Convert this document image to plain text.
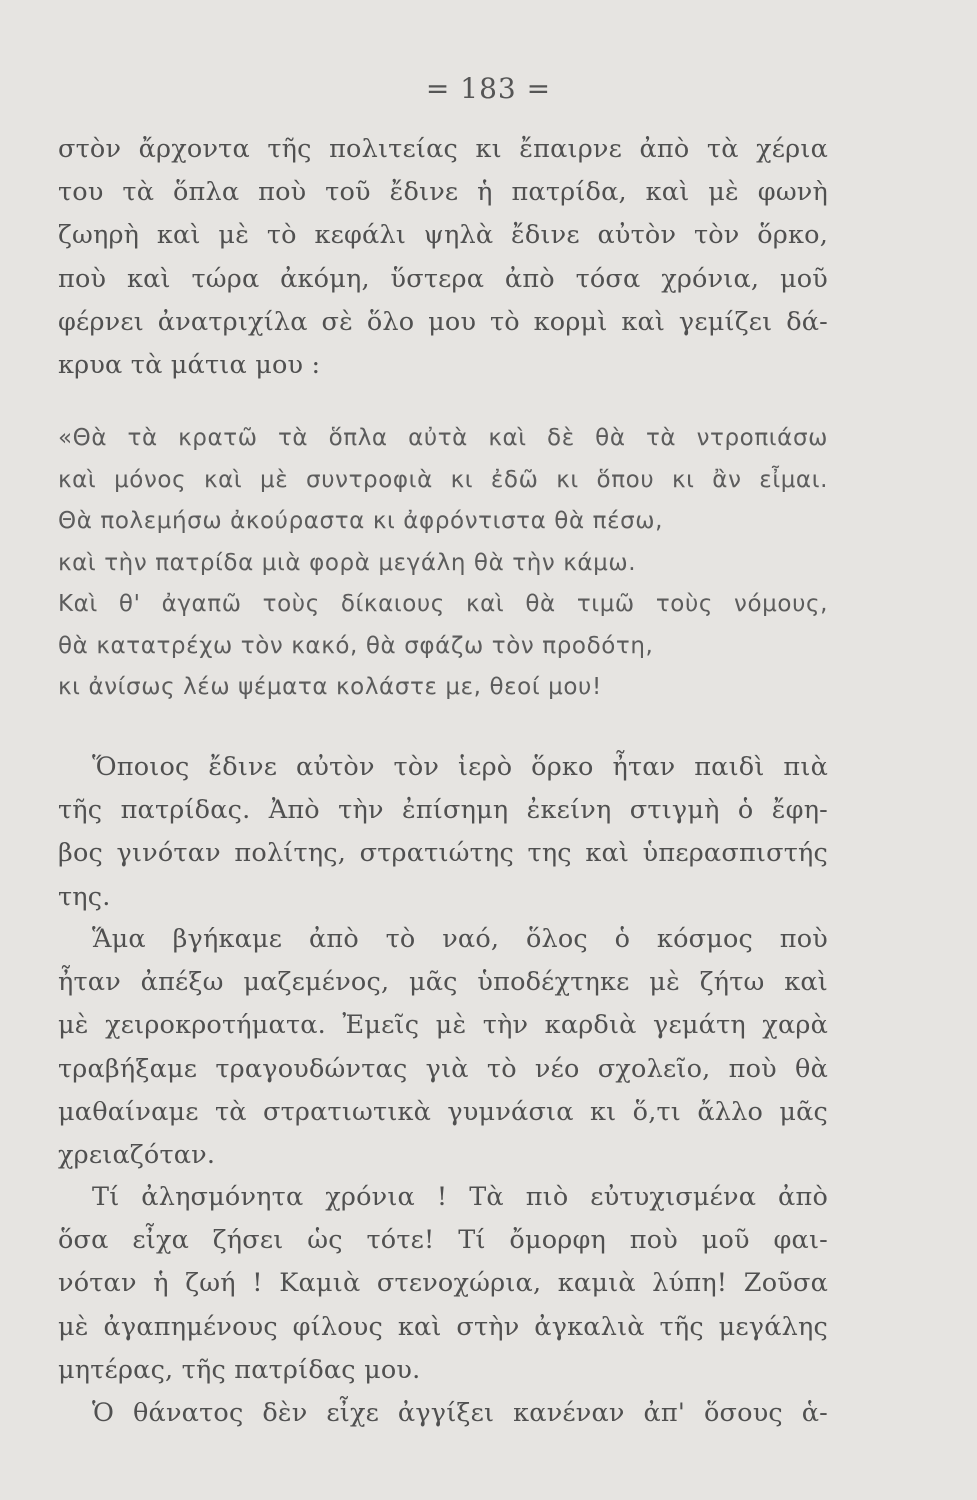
= 183 =
στὸν ἄρχοντα τῆς πολιτείας κι ἔπαιρνε ἀπὸ τὰ χέρια
του τὰ ὅπλα ποὺ τοῦ ἔδινε ἡ πατρίδα, καὶ μὲ φωνὴ
ζωηρὴ καὶ μὲ τὸ κεφάλι ψηλὰ ἔδινε αὐτὸν τὸν ὅρκο,
ποὺ καὶ τώρα ἀκόμη, ὕστερα ἀπὸ τόσα χρόνια, μοῦ
φέρνει ἀνατριχίλα σὲ ὅλο μου τὸ κορμὶ καὶ γεμίζει δά-
κρυα τὰ μάτια μου :
«Θὰ τὰ κρατῶ τὰ ὅπλα αὐτὰ καὶ δὲ θὰ τὰ ντροπιάσω
καὶ μόνος καὶ μὲ συντροφιὰ κι ἐδῶ κι ὅπου κι ἂν εἶμαι.
Θὰ πολεμήσω ἀκούραστα κι ἀφρόντιστα θὰ πέσω,
καὶ τὴν πατρίδα μιὰ φορὰ μεγάλη θὰ τὴν κάμω.
Καὶ θ' ἀγαπῶ τοὺς δίκαιους καὶ θὰ τιμῶ τοὺς νόμους,
θὰ κατατρέχω τὸν κακό, θὰ σφάζω τὸν προδότη,
κι ἀνίσως λέω ψέματα κολάστε με, θεοί μου!
Ὅποιος ἔδινε αὐτὸν τὸν ἱερὸ ὅρκο ἦταν παιδὶ πιὰ
τῆς πατρίδας. Ἀπὸ τὴν ἐπίσημη ἐκείνη στιγμὴ ὁ ἔφη-
βος γινόταν πολίτης, στρατιώτης της καὶ ὑπερασπιστής
της.
Ἅμα βγήκαμε ἀπὸ τὸ ναό, ὅλος ὁ κόσμος ποὺ
ἦταν ἀπέξω μαζεμένος, μᾶς ὑποδέχτηκε μὲ ζήτω καὶ
μὲ χειροκροτήματα. Ἐμεῖς μὲ τὴν καρδιὰ γεμάτη χαρὰ
τραβήξαμε τραγουδώντας γιὰ τὸ νέο σχολεῖο, ποὺ θὰ
μαθαίναμε τὰ στρατιωτικὰ γυμνάσια κι ὅ,τι ἄλλο μᾶς
χρειαζόταν.
Τί ἀλησμόνητα χρόνια ! Τὰ πιὸ εὐτυχισμένα ἀπὸ
ὅσα εἶχα ζήσει ὡς τότε! Τί ὄμορφη ποὺ μοῦ φαι-
νόταν ἡ ζωή ! Καμιὰ στενοχώρια, καμιὰ λύπη! Ζοῦσα
μὲ ἀγαπημένους φίλους καὶ στὴν ἀγκαλιὰ τῆς μεγάλης
μητέρας, τῆς πατρίδας μου.
Ὁ θάνατος δὲν εἶχε ἀγγίξει κανέναν ἀπ' ὅσους ἁ-
